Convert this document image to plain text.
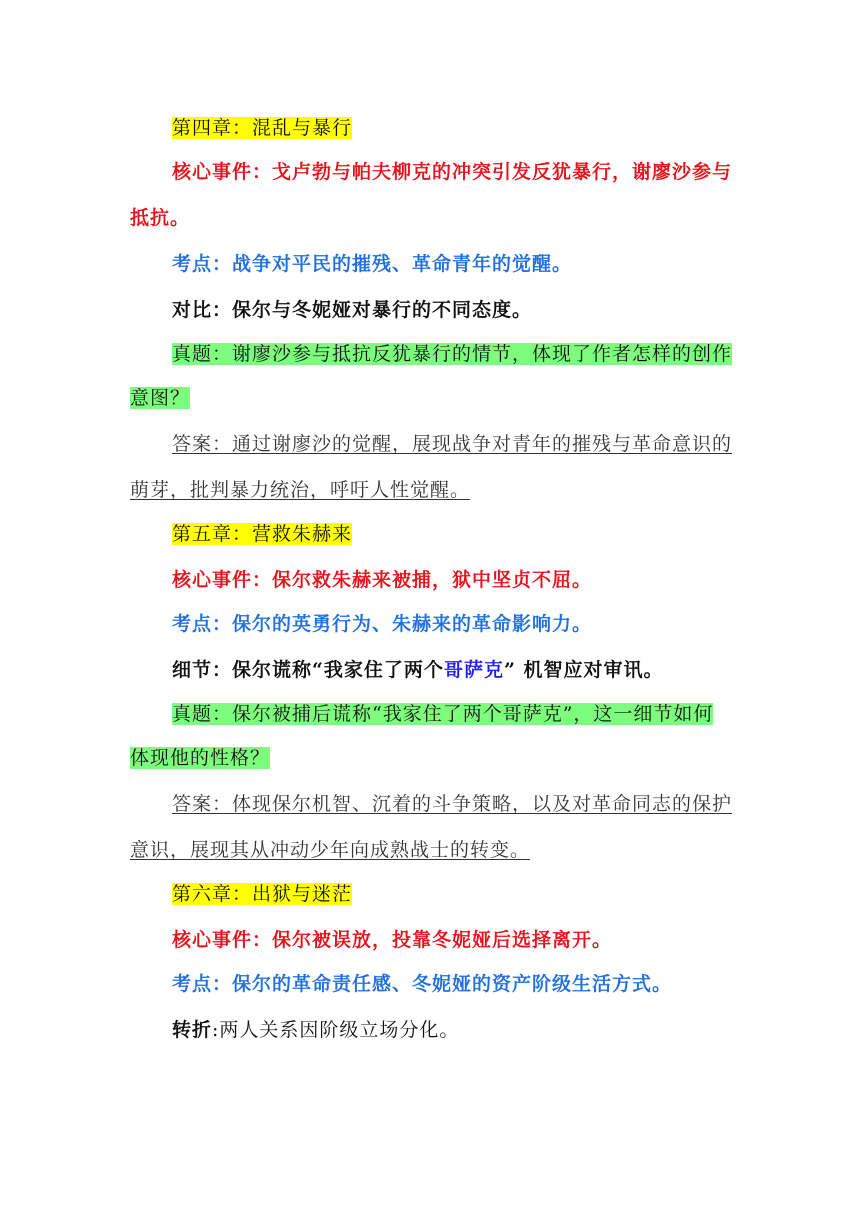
第四章：混乱与暴行
核心事件：戈卢勃与帕夫柳克的冲突引发反犹暴行，谢廖沙参与
抵抗。
考点：战争对平民的摧残、革命青年的觉醒。
对比：保尔与冬妮娅对暴行的不同态度。
真题：谢廖沙参与抵抗反犹暴行的情节，体现了作者怎样的创作
意图？
答案：通过谢廖沙的觉醒，展现战争对青年的摧残与革命意识的
萌芽，批判暴力统治，呼吁人性觉醒。
第五章：营救朱赫来
核心事件：保尔救朱赫来被捕，狱中坚贞不屈。
考点：保尔的英勇行为、朱赫来的革命影响力。
细节：保尔谎称“我家住了两个哥萨克” 机智应对审讯。
真题：保尔被捕后谎称“我家住了两个哥萨克”，这一细节如何
体现他的性格？
答案：体现保尔机智、沉着的斗争策略，以及对革命同志的保护
意识，展现其从冲动少年向成熟战士的转变。
第六章：出狱与迷茫
核心事件：保尔被误放，投靠冬妮娅后选择离开。
考点：保尔的革命责任感、冬妮娅的资产阶级生活方式。
转折:两人关系因阶级立场分化。
